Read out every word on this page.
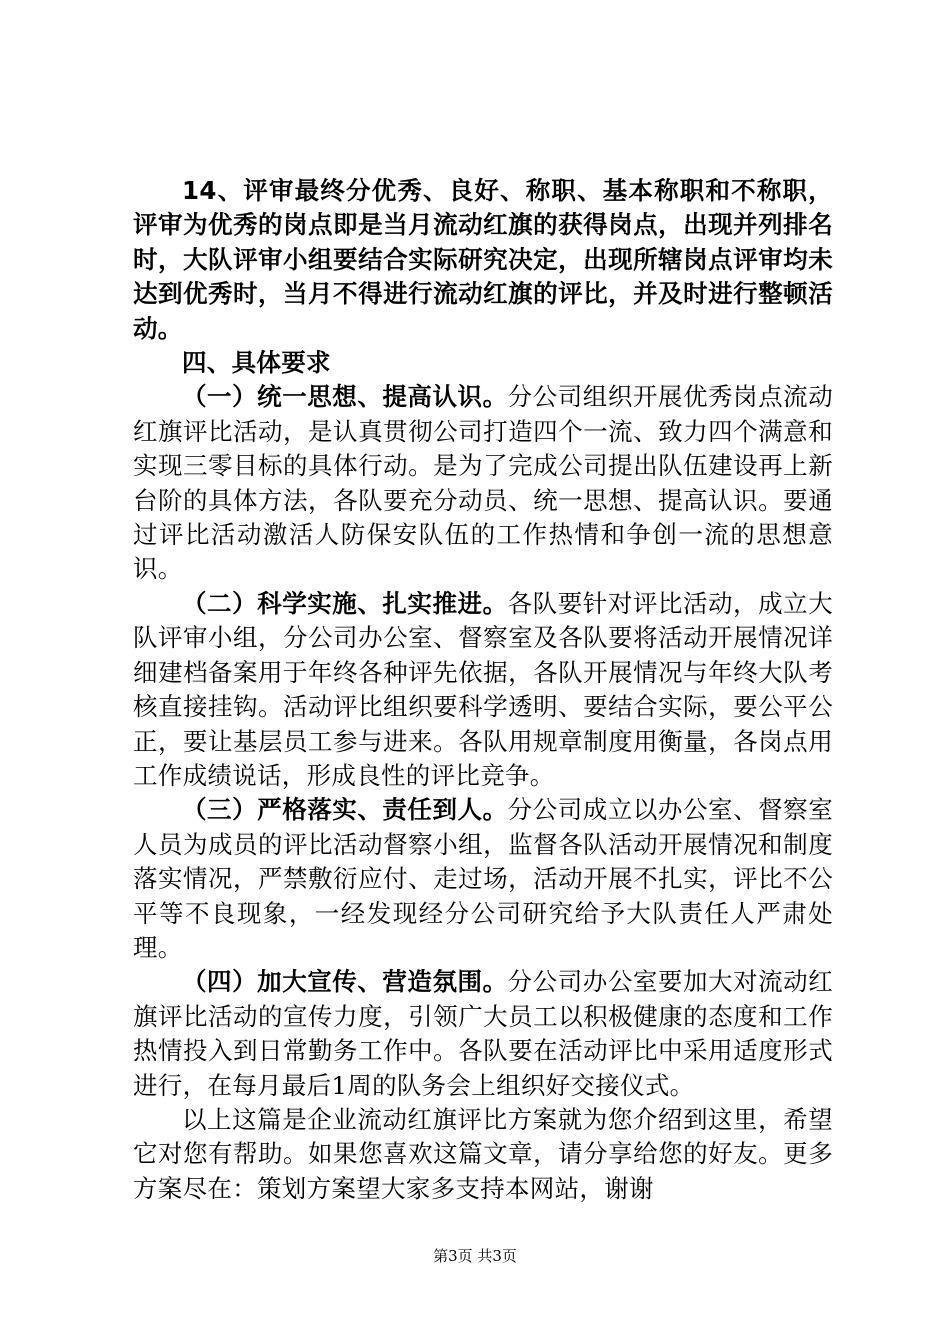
14、评审最终分优秀、良好、称职、基本称职和不称职，评审为优秀的岗点即是当月流动红旗的获得岗点，出现并列排名时，大队评审小组要结合实际研究决定，出现所辖岗点评审均未达到优秀时，当月不得进行流动红旗的评比，并及时进行整顿活动。

四、具体要求

（一）统一思想、提高认识。分公司组织开展优秀岗点流动红旗评比活动，是认真贯彻公司打造四个一流、致力四个满意和实现三零目标的具体行动。是为了完成公司提出队伍建设再上新台阶的具体方法，各队要充分动员、统一思想、提高认识。要通过评比活动激活人防保安队伍的工作热情和争创一流的思想意识。

（二）科学实施、扎实推进。各队要针对评比活动，成立大队评审小组，分公司办公室、督察室及各队要将活动开展情况详细建档备案用于年终各种评先依据，各队开展情况与年终大队考核直接挂钩。活动评比组织要科学透明、要结合实际，要公平公正，要让基层员工参与进来。各队用规章制度用衡量，各岗点用工作成绩说话，形成良性的评比竞争。

（三）严格落实、责任到人。分公司成立以办公室、督察室人员为成员的评比活动督察小组，监督各队活动开展情况和制度落实情况，严禁敷衍应付、走过场，活动开展不扎实，评比不公平等不良现象，一经发现经分公司研究给予大队责任人严肃处理。

（四）加大宣传、营造氛围。分公司办公室要加大对流动红旗评比活动的宣传力度，引领广大员工以积极健康的态度和工作热情投入到日常勤务工作中。各队要在活动评比中采用适度形式进行，在每月最后1周的队务会上组织好交接仪式。

以上这篇是企业流动红旗评比方案就为您介绍到这里，希望它对您有帮助。如果您喜欢这篇文章，请分享给您的好友。更多方案尽在：策划方案望大家多支持本网站，谢谢

第3页 共3页
